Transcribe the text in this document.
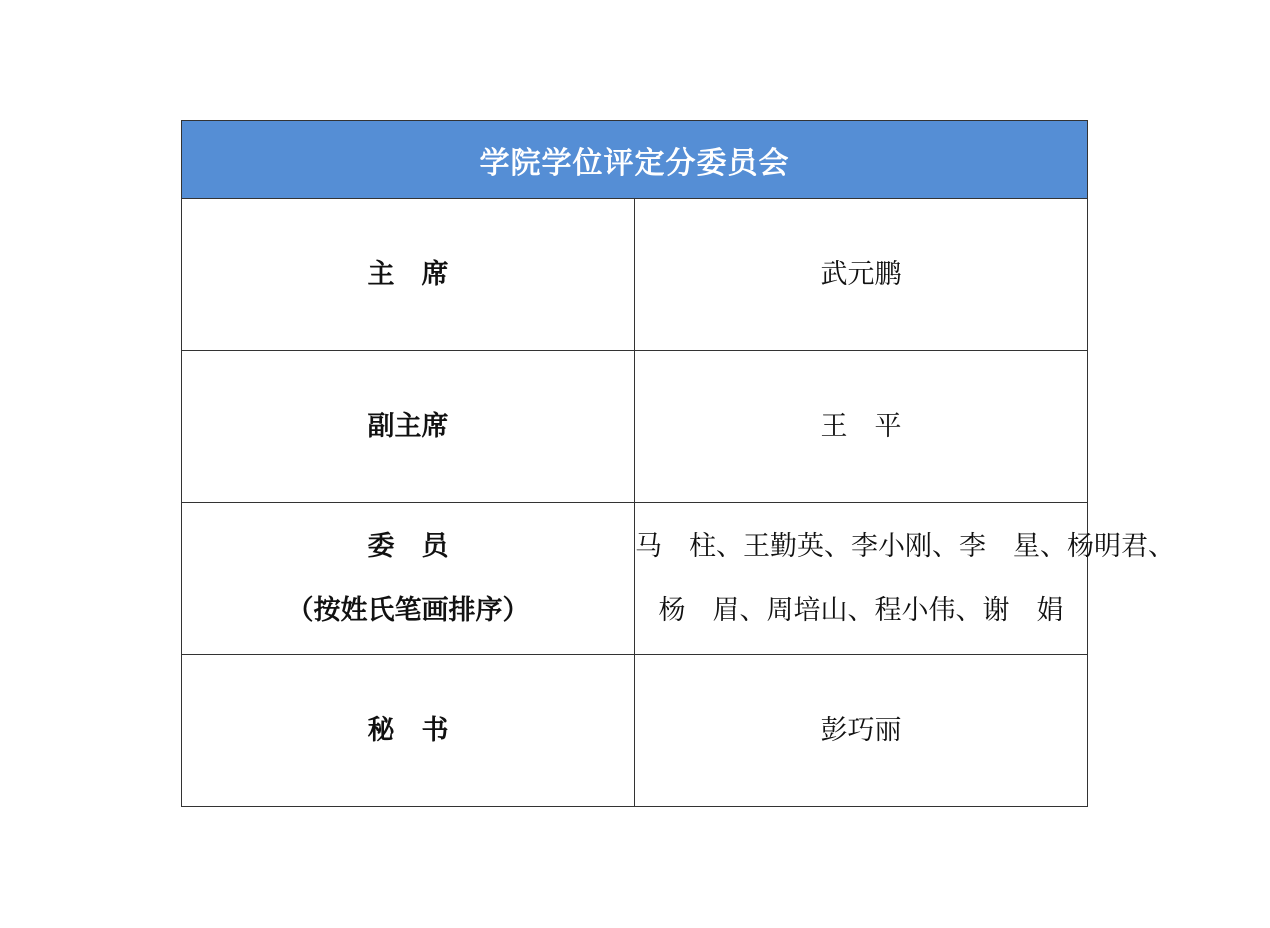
学院学位评定分委员会	

主　席	武元鹏

副主席	王　平

委　员
（按姓氏笔画排序）	马　柱、王勤英、李小刚、李　星、杨明君、
杨　眉、周培山、程小伟、谢　娟

秘　书	彭巧丽
